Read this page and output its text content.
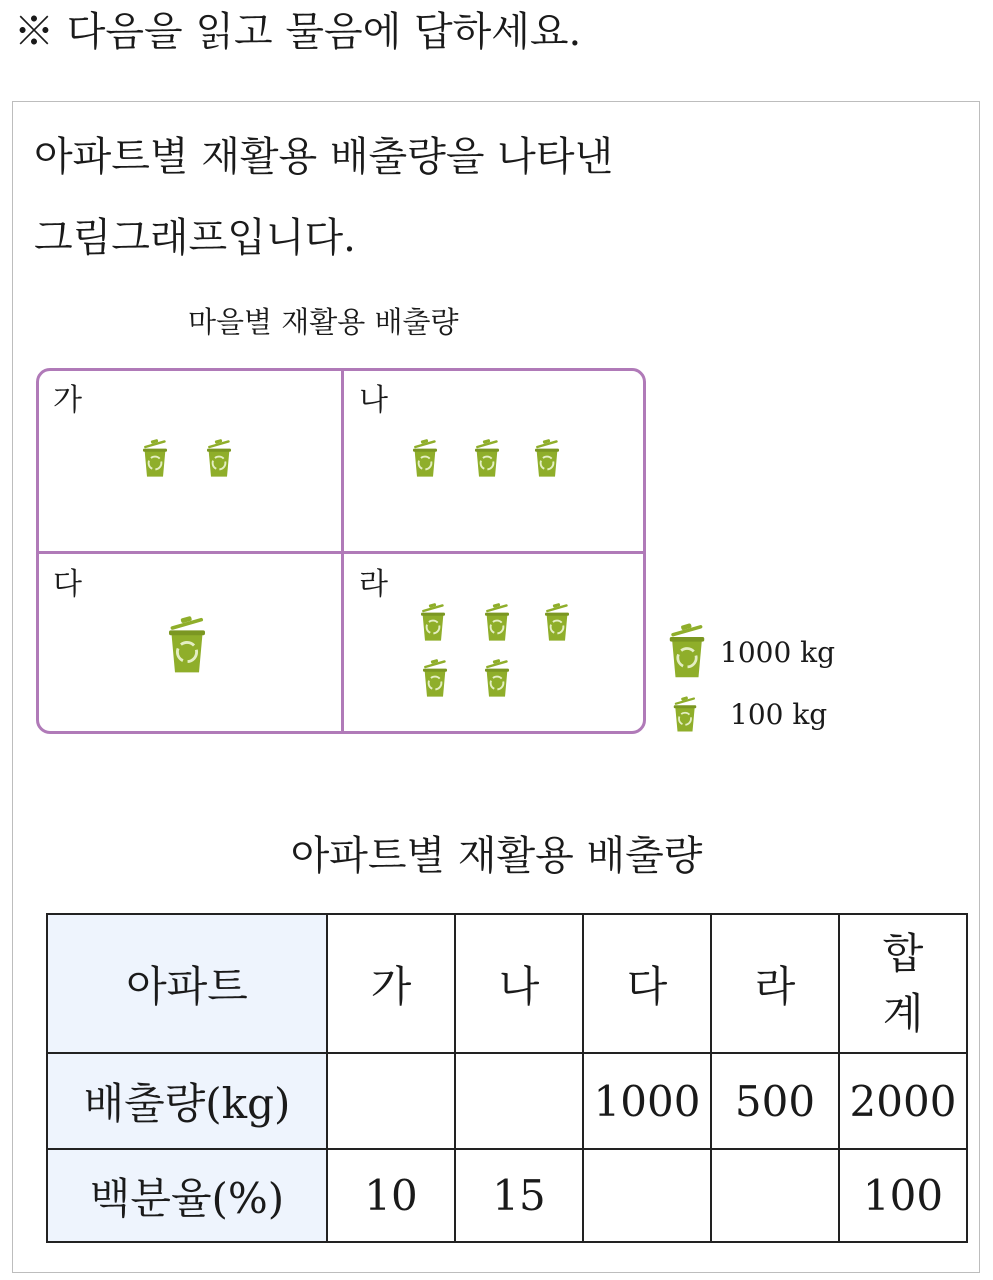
※ 다음을 읽고 물음에 답하세요.
아파트별 재활용 배출량을 나타낸
그림그래프입니다.
마을별 재활용 배출량
가	나
다	라
1000 kg
100 kg
아파트별 재활용 배출량
아파트	가	나	다	라	합
계
배출량(kg)			1000	500	2000
백분율(%)	10	15			100
